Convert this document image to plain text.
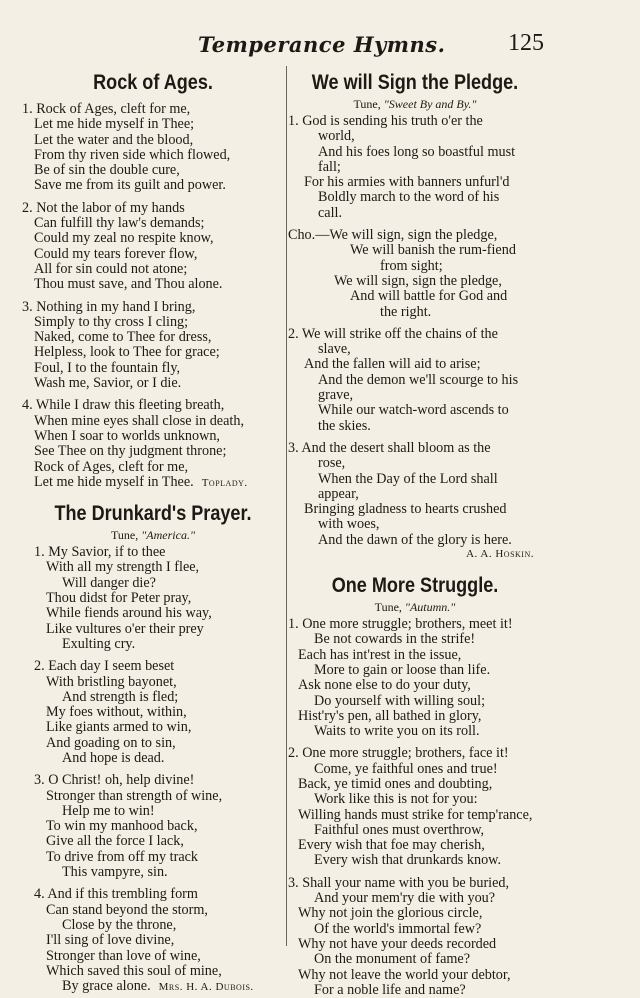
Temperance Hymns.	125
Rock of Ages.
1. Rock of Ages, cleft for me,
Let me hide myself in Thee;
Let the water and the blood,
From thy riven side which flowed,
Be of sin the double cure,
Save me from its guilt and power.
2. Not the labor of my hands
Can fulfill thy law's demands;
Could my zeal no respite know,
Could my tears forever flow,
All for sin could not atone;
Thou must save, and Thou alone.
3. Nothing in my hand I bring,
Simply to thy cross I cling;
Naked, come to Thee for dress,
Helpless, look to Thee for grace;
Foul, I to the fountain fly,
Wash me, Savior, or I die.
4. While I draw this fleeting breath,
When mine eyes shall close in death,
When I soar to worlds unknown,
See Thee on thy judgment throne;
Rock of Ages, cleft for me,
Let me hide myself in Thee. Toplady.
The Drunkard's Prayer.
Tune, "America."
1. My Savior, if to thee
With all my strength I flee,
Will danger die?
Thou didst for Peter pray,
While fiends around his way,
Like vultures o'er their prey
Exulting cry.
2. Each day I seem beset
With bristling bayonet,
And strength is fled;
My foes without, within,
Like giants armed to win,
And goading on to sin,
And hope is dead.
3. O Christ! oh, help divine!
Stronger than strength of wine,
Help me to win!
To win my manhood back,
Give all the force I lack,
To drive from off my track
This vampyre, sin.
4. And if this trembling form
Can stand beyond the storm,
Close by the throne,
I'll sing of love divine,
Stronger than love of wine,
Which saved this soul of mine,
By grace alone. Mrs. H. A. Dubois.
We will Sign the Pledge.
Tune, "Sweet By and By."
1. God is sending his truth o'er the
world,
And his foes long so boastful must
fall;
For his armies with banners unfurl'd
Boldly march to the word of his
call.
Cho.—We will sign, sign the pledge,
We will banish the rum-fiend
from sight;
We will sign, sign the pledge,
And will battle for God and
the right.
2. We will strike off the chains of the
slave,
And the fallen will aid to arise;
And the demon we'll scourge to his
grave,
While our watch-word ascends to
the skies.
3. And the desert shall bloom as the
rose,
When the Day of the Lord shall
appear,
Bringing gladness to hearts crushed
with woes,
And the dawn of the glory is here.
A. A. Hoskin.
One More Struggle.
Tune, "Autumn."
1. One more struggle; brothers, meet it!
Be not cowards in the strife!
Each has int'rest in the issue,
More to gain or loose than life.
Ask none else to do your duty,
Do yourself with willing soul;
Hist'ry's pen, all bathed in glory,
Waits to write you on its roll.
2. One more struggle; brothers, face it!
Come, ye faithful ones and true!
Back, ye timid ones and doubting,
Work like this is not for you:
Willing hands must strike for temp'rance,
Faithful ones must overthrow,
Every wish that foe may cherish,
Every wish that drunkards know.
3. Shall your name with you be buried,
And your mem'ry die with you?
Why not join the glorious circle,
Of the world's immortal few?
Why not have your deeds recorded
On the monument of fame?
Why not leave the world your debtor,
For a noble life and name?
